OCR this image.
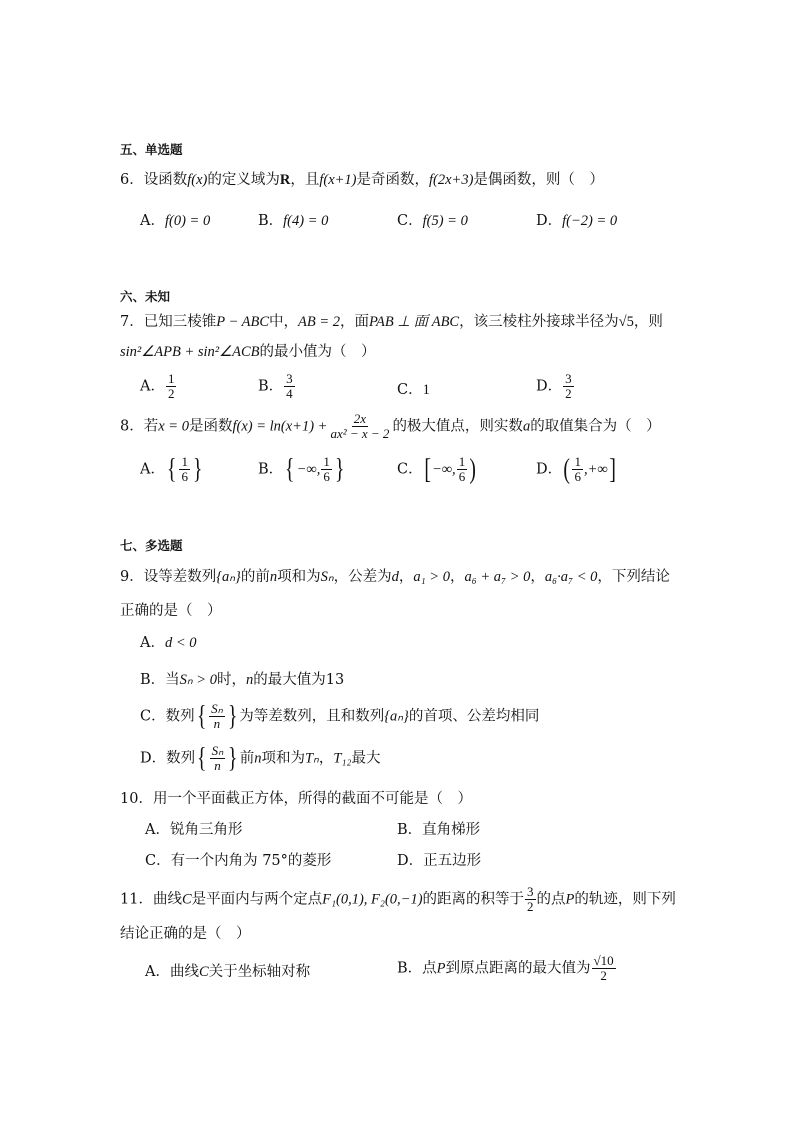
五、单选题
6．设函数f(x)的定义域为R，且f(x+1)是奇函数，f(2x+3)是偶函数，则（　）
A．f(0) = 0	B．f(4) = 0	C．f(5) = 0	D．f(−2) = 0
六、未知
7．已知三棱锥P − ABC中，AB = 2，面PAB ⊥ 面 ABC，该三棱柱外接球半径为√5，则
sin²∠APB + sin²∠ACB的最小值为（　）
A． $\frac{1}{2}$	B． $\frac{3}{4}$	C．1	D． $\frac{3}{2}$
8．若x = 0是函数$f(x) = \ln(x+1) + \frac{2x}{\text{ax² − x − 2}}$ 的极大值点，则实数a的取值集合为（　）
A．{ $\frac{1}{6}$ }	B．{ −∞, $\frac{1}{6}$ }	C．[−∞, $\frac{1}{6}$ )	D．( $\frac{1}{6}$ ,+∞]
七、多选题
9．设等差数列{aₙ}的前n项和为Sₙ，公差为d，a₁ > 0，a₆ + a₇ > 0，a₆·a₇ < 0，下列结论
正确的是（　）
A．d < 0
B．当Sₙ > 0时，n的最大值为13
C．数列{ $\frac{\text{Sₙ}}{n}$ } 为等差数列，且和数列{aₙ}的首项、公差均相同
D．数列{ $\frac{\text{Sₙ}}{n}$ } 前n项和为Tₙ，T₁₂最大
10．用一个平面截正方体，所得的截面不可能是（　）
A．锐角三角形	B．直角梯形
C．有一个内角为 75°的菱形	D．正五边形
11．曲线C是平面内与两个定点F₁(0,1), F₂(0,−1)的距离的积等于 $\frac{3}{2}$ 的点P的轨迹，则下列
结论正确的是（　）
A．曲线C关于坐标轴对称	B．点P到原点距离的最大值为 $\frac{√10}{2}$
